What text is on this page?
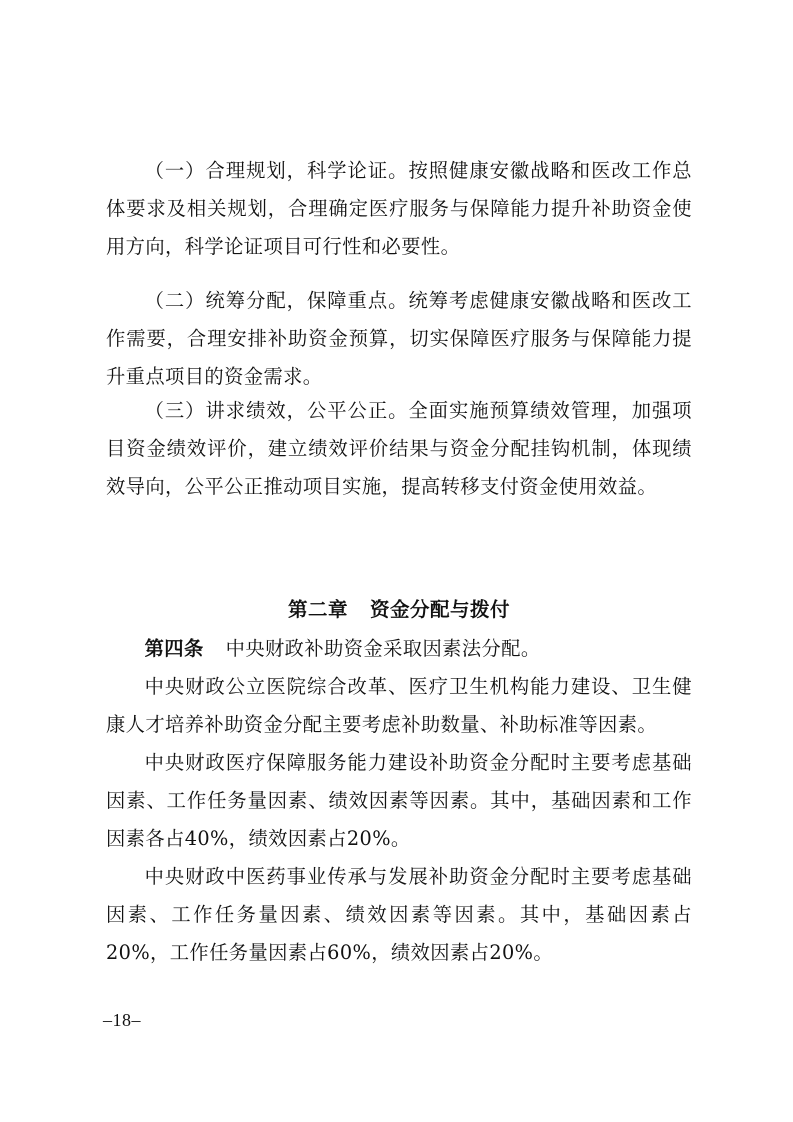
（一）合理规划，科学论证。按照健康安徽战略和医改工作总体要求及相关规划，合理确定医疗服务与保障能力提升补助资金使用方向，科学论证项目可行性和必要性。

（二）统筹分配，保障重点。统筹考虑健康安徽战略和医改工作需要，合理安排补助资金预算，切实保障医疗服务与保障能力提升重点项目的资金需求。

（三）讲求绩效，公平公正。全面实施预算绩效管理，加强项目资金绩效评价，建立绩效评价结果与资金分配挂钩机制，体现绩效导向，公平公正推动项目实施，提高转移支付资金使用效益。

第二章 资金分配与拨付

第四条 中央财政补助资金采取因素法分配。

中央财政公立医院综合改革、医疗卫生机构能力建设、卫生健康人才培养补助资金分配主要考虑补助数量、补助标准等因素。

中央财政医疗保障服务能力建设补助资金分配时主要考虑基础因素、工作任务量因素、绩效因素等因素。其中，基础因素和工作因素各占40%，绩效因素占20%。

中央财政中医药事业传承与发展补助资金分配时主要考虑基础因素、工作任务量因素、绩效因素等因素。其中，基础因素占20%，工作任务量因素占60%，绩效因素占20%。

–18–
